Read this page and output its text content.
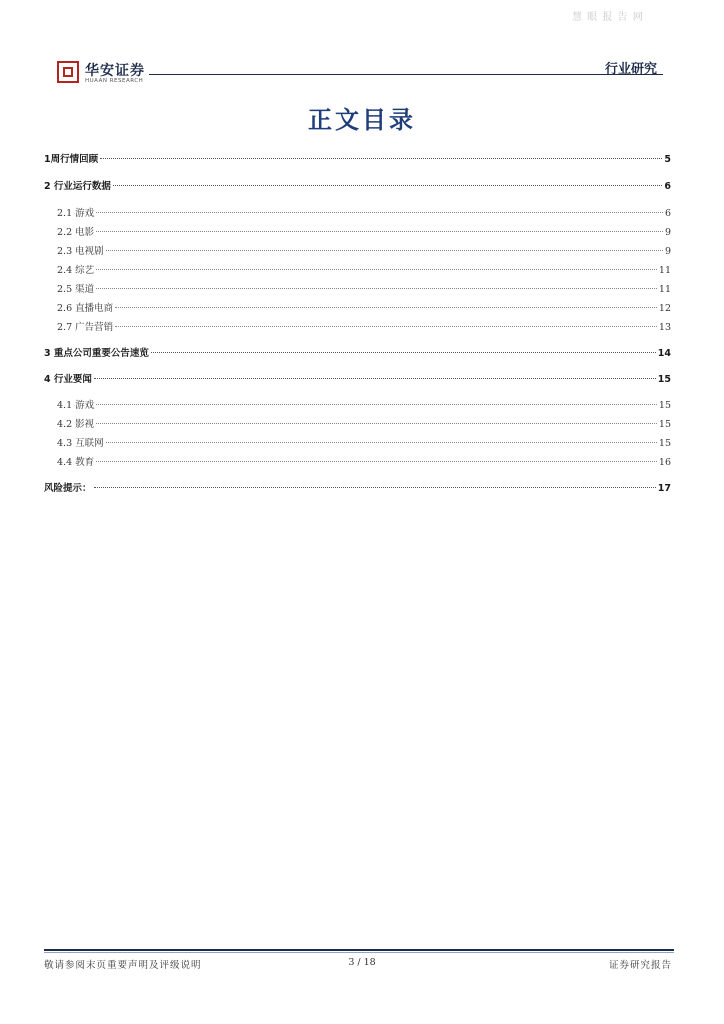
慧 眼 报 告 网
华安证券
HUAAN RESEARCH
行业研究
正文目录
1周行情回顾	5
2 行业运行数据	6
2.1 游戏	6
2.2 电影	9
2.3 电视剧	9
2.4 综艺	11
2.5 渠道	11
2.6 直播电商	12
2.7 广告营销	13
3 重点公司重要公告速览	14
4 行业要闻	15
4.1 游戏	15
4.2 影视	15
4.3 互联网	15
4.4 教育	16
风险提示：	17
敬请参阅末页重要声明及评级说明	3 / 18	证券研究报告
